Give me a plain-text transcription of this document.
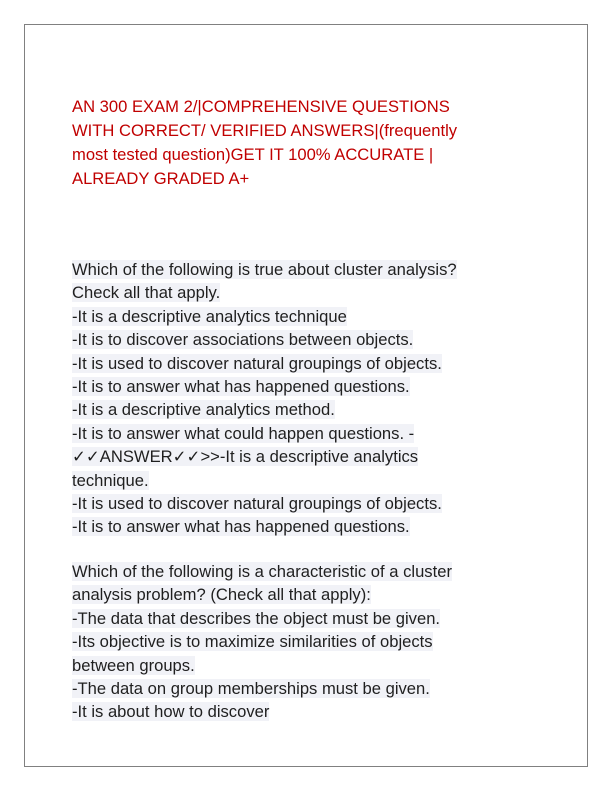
AN 300 EXAM 2/|COMPREHENSIVE QUESTIONS
WITH CORRECT/ VERIFIED ANSWERS|(frequently
most tested question)GET IT 100% ACCURATE |
ALREADY GRADED A+
Which of the following is true about cluster analysis?
Check all that apply.
-It is a descriptive analytics technique
-It is to discover associations between objects.
-It is used to discover natural groupings of objects.
-It is to answer what has happened questions.
-It is a descriptive analytics method.
-It is to answer what could happen questions. -
✓✓ANSWER✓✓>>-It is a descriptive analytics
technique.
-It is used to discover natural groupings of objects.
-It is to answer what has happened questions.
Which of the following is a characteristic of a cluster
analysis problem? (Check all that apply):
-The data that describes the object must be given.
-Its objective is to maximize similarities of objects
between groups.
-The data on group memberships must be given.
-It is about how to discover
